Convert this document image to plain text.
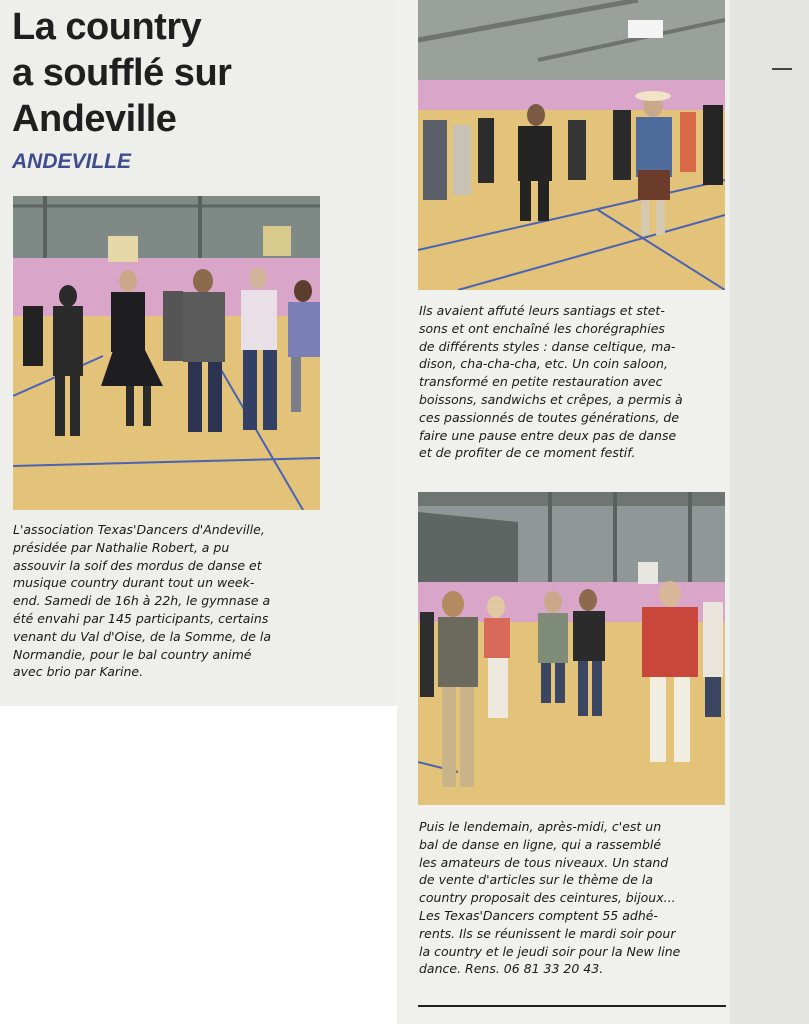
La country
a soufflé sur
Andeville
ANDEVILLE
L'association Texas'Dancers d'Andeville,
présidée par Nathalie Robert, a pu
assouvir la soif des mordus de danse et
musique country durant tout un week-
end. Samedi de 16h à 22h, le gymnase a
été envahi par 145 participants, certains
venant du Val d'Oise, de la Somme, de la
Normandie, pour le bal country animé
avec brio par Karine.
Ils avaient affuté leurs santiags et stet-
sons et ont enchaîné les chorégraphies
de différents styles : danse celtique, ma-
dison, cha-cha-cha, etc. Un coin saloon,
transformé en petite restauration avec
boissons, sandwichs et crêpes, a permis à
ces passionnés de toutes générations, de
faire une pause entre deux pas de danse
et de profiter de ce moment festif.
Puis le lendemain, après-midi, c'est un
bal de danse en ligne, qui a rassemblé
les amateurs de tous niveaux. Un stand
de vente d'articles sur le thème de la
country proposait des ceintures, bijoux...
Les Texas'Dancers comptent 55 adhé-
rents. Ils se réunissent le mardi soir pour
la country et le jeudi soir pour la New line
dance. Rens. 06 81 33 20 43.
